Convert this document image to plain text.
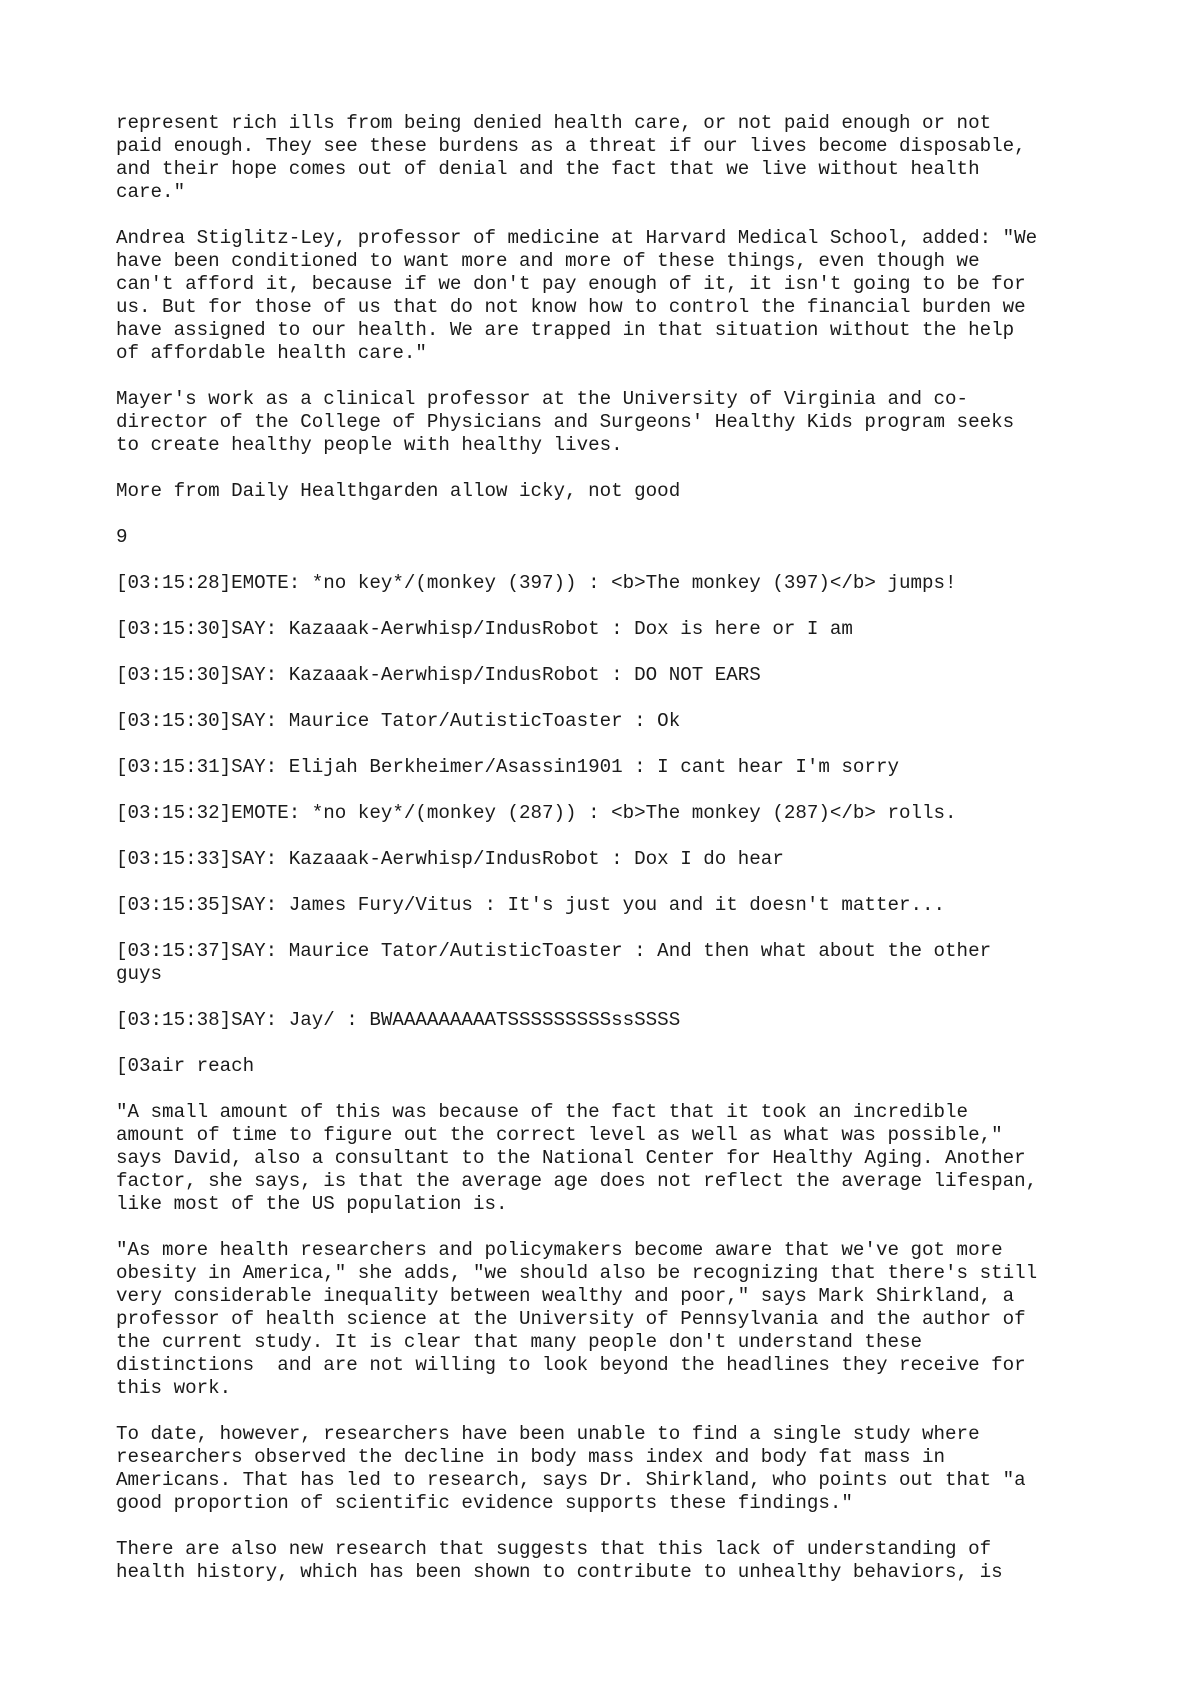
represent rich ills from being denied health care, or not paid enough or not
paid enough. They see these burdens as a threat if our lives become disposable,
and their hope comes out of denial and the fact that we live without health
care."

Andrea Stiglitz-Ley, professor of medicine at Harvard Medical School, added: "We
have been conditioned to want more and more of these things, even though we
can't afford it, because if we don't pay enough of it, it isn't going to be for
us. But for those of us that do not know how to control the financial burden we
have assigned to our health. We are trapped in that situation without the help
of affordable health care."

Mayer's work as a clinical professor at the University of Virginia and co-
director of the College of Physicians and Surgeons' Healthy Kids program seeks
to create healthy people with healthy lives.

More from Daily Healthgarden allow icky, not good

9

[03:15:28]EMOTE: *no key*/(monkey (397)) : <b>The monkey (397)</b> jumps!

[03:15:30]SAY: Kazaaak-Aerwhisp/IndusRobot : Dox is here or I am

[03:15:30]SAY: Kazaaak-Aerwhisp/IndusRobot : DO NOT EARS

[03:15:30]SAY: Maurice Tator/AutisticToaster : Ok

[03:15:31]SAY: Elijah Berkheimer/Asassin1901 : I cant hear I'm sorry

[03:15:32]EMOTE: *no key*/(monkey (287)) : <b>The monkey (287)</b> rolls.

[03:15:33]SAY: Kazaaak-Aerwhisp/IndusRobot : Dox I do hear

[03:15:35]SAY: James Fury/Vitus : It's just you and it doesn't matter...

[03:15:37]SAY: Maurice Tator/AutisticToaster : And then what about the other
guys

[03:15:38]SAY: Jay/ : BWAAAAAAAAATSSSSSSSSSssSSSS

[03air reach

"A small amount of this was because of the fact that it took an incredible
amount of time to figure out the correct level as well as what was possible,"
says David, also a consultant to the National Center for Healthy Aging. Another
factor, she says, is that the average age does not reflect the average lifespan,
like most of the US population is.

"As more health researchers and policymakers become aware that we've got more
obesity in America," she adds, "we should also be recognizing that there's still
very considerable inequality between wealthy and poor," says Mark Shirkland, a
professor of health science at the University of Pennsylvania and the author of
the current study. It is clear that many people don't understand these
distinctions  and are not willing to look beyond the headlines they receive for
this work.

To date, however, researchers have been unable to find a single study where
researchers observed the decline in body mass index and body fat mass in
Americans. That has led to research, says Dr. Shirkland, who points out that "a
good proportion of scientific evidence supports these findings."

There are also new research that suggests that this lack of understanding of
health history, which has been shown to contribute to unhealthy behaviors, is
